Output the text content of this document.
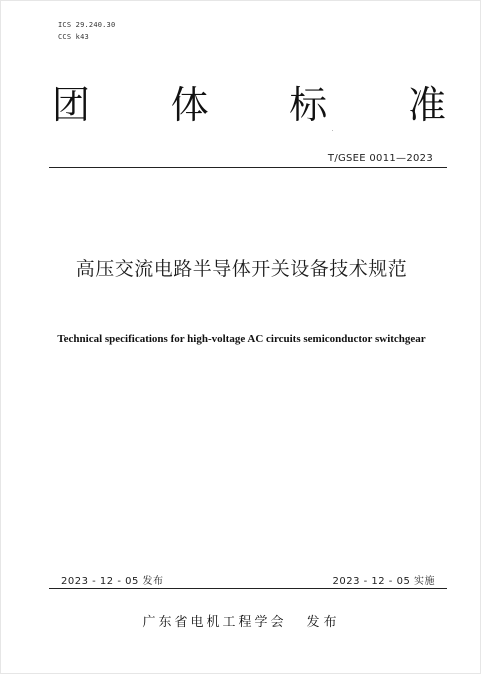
ICS 29.240.30
CCS k43
团 体 标 准
T/GSEE 0011—2023
高压交流电路半导体开关设备技术规范
Technical specifications for high-voltage AC circuits semiconductor switchgear
2023 - 12 - 05 发布	2023 - 12 - 05 实施
广东省电机工程学会 发布
